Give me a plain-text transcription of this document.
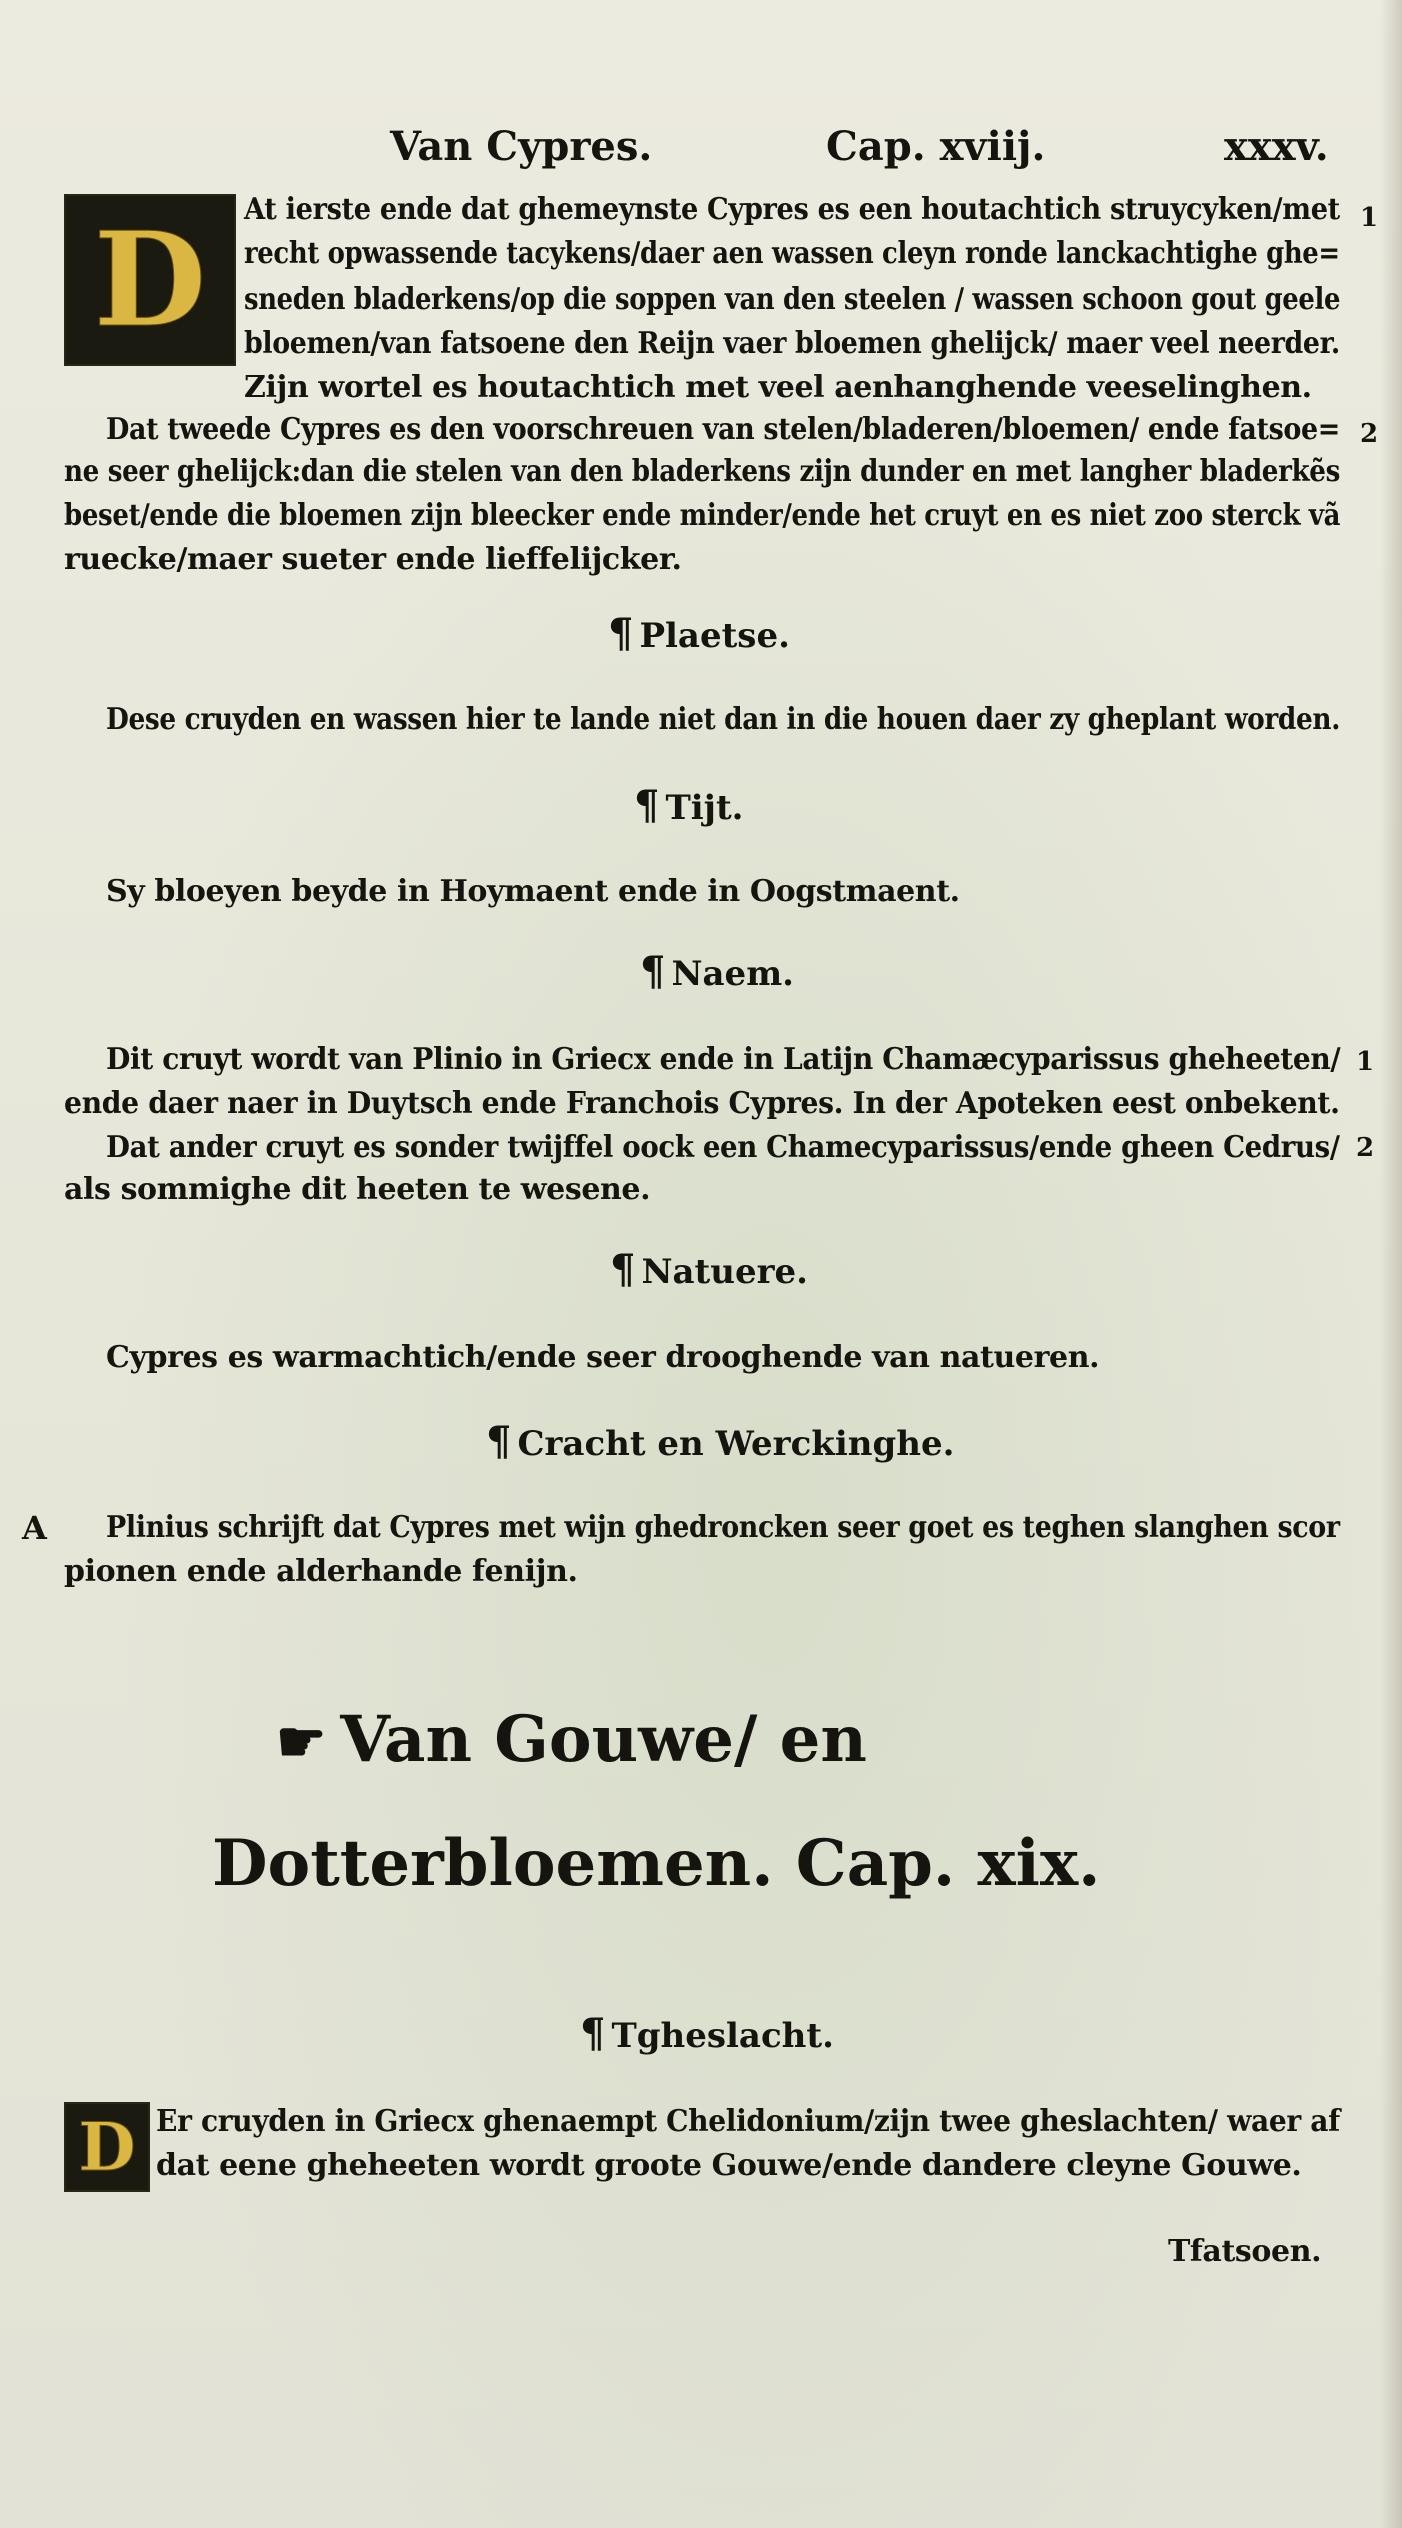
Van Cypres.	Cap. xviij.	xxxv.
D At ierste ende dat ghemeynste Cypres es een houtachtich struycyken/met 1
recht opwassende tacykens/daer aen wassen cleyn ronde lanckachtighe ghe=
sneden bladerkens/op die soppen van den steelen / wassen schoon gout geele
bloemen/van fatsoene den Reijn vaer bloemen ghelijck/ maer veel neerder.
Zijn wortel es houtachtich met veel aenhanghende veeselinghen.
Dat tweede Cypres es den voorschreuen van stelen/bladeren/bloemen/ ende fatsoe= 2
ne seer ghelijck:dan die stelen van den bladerkens zijn dunder en met langher bladerkẽs
beset/ende die bloemen zijn bleecker ende minder/ende het cruyt en es niet zoo sterck vã
ruecke/maer sueter ende lieffelijcker.
¶ Plaetse.
Dese cruyden en wassen hier te lande niet dan in die houen daer zy gheplant worden.
¶ Tijt.
Sy bloeyen beyde in Hoymaent ende in Oogstmaent.
¶ Naem.
Dit cruyt wordt van Plinio in Griecx ende in Latijn Chamæcyparissus gheheeten/ 1
ende daer naer in Duytsch ende Franchois Cypres. In der Apoteken eest onbekent.
Dat ander cruyt es sonder twijffel oock een Chamecyparissus/ende gheen Cedrus/ 2
als sommighe dit heeten te wesene.
¶ Natuere.
Cypres es warmachtich/ende seer drooghende van natueren.
¶ Cracht en Werckinghe.
A Plinius schrijft dat Cypres met wijn ghedroncken seer goet es teghen slanghen scor
pionen ende alderhande fenijn.
☛ Van Gouwe/ en
Dotterbloemen. Cap. xix.
¶ Tgheslacht.
D Er cruyden in Griecx ghenaempt Chelidonium/zijn twee gheslachten/ waer af
dat eene gheheeten wordt groote Gouwe/ende dandere cleyne Gouwe.
Tfatsoen.
